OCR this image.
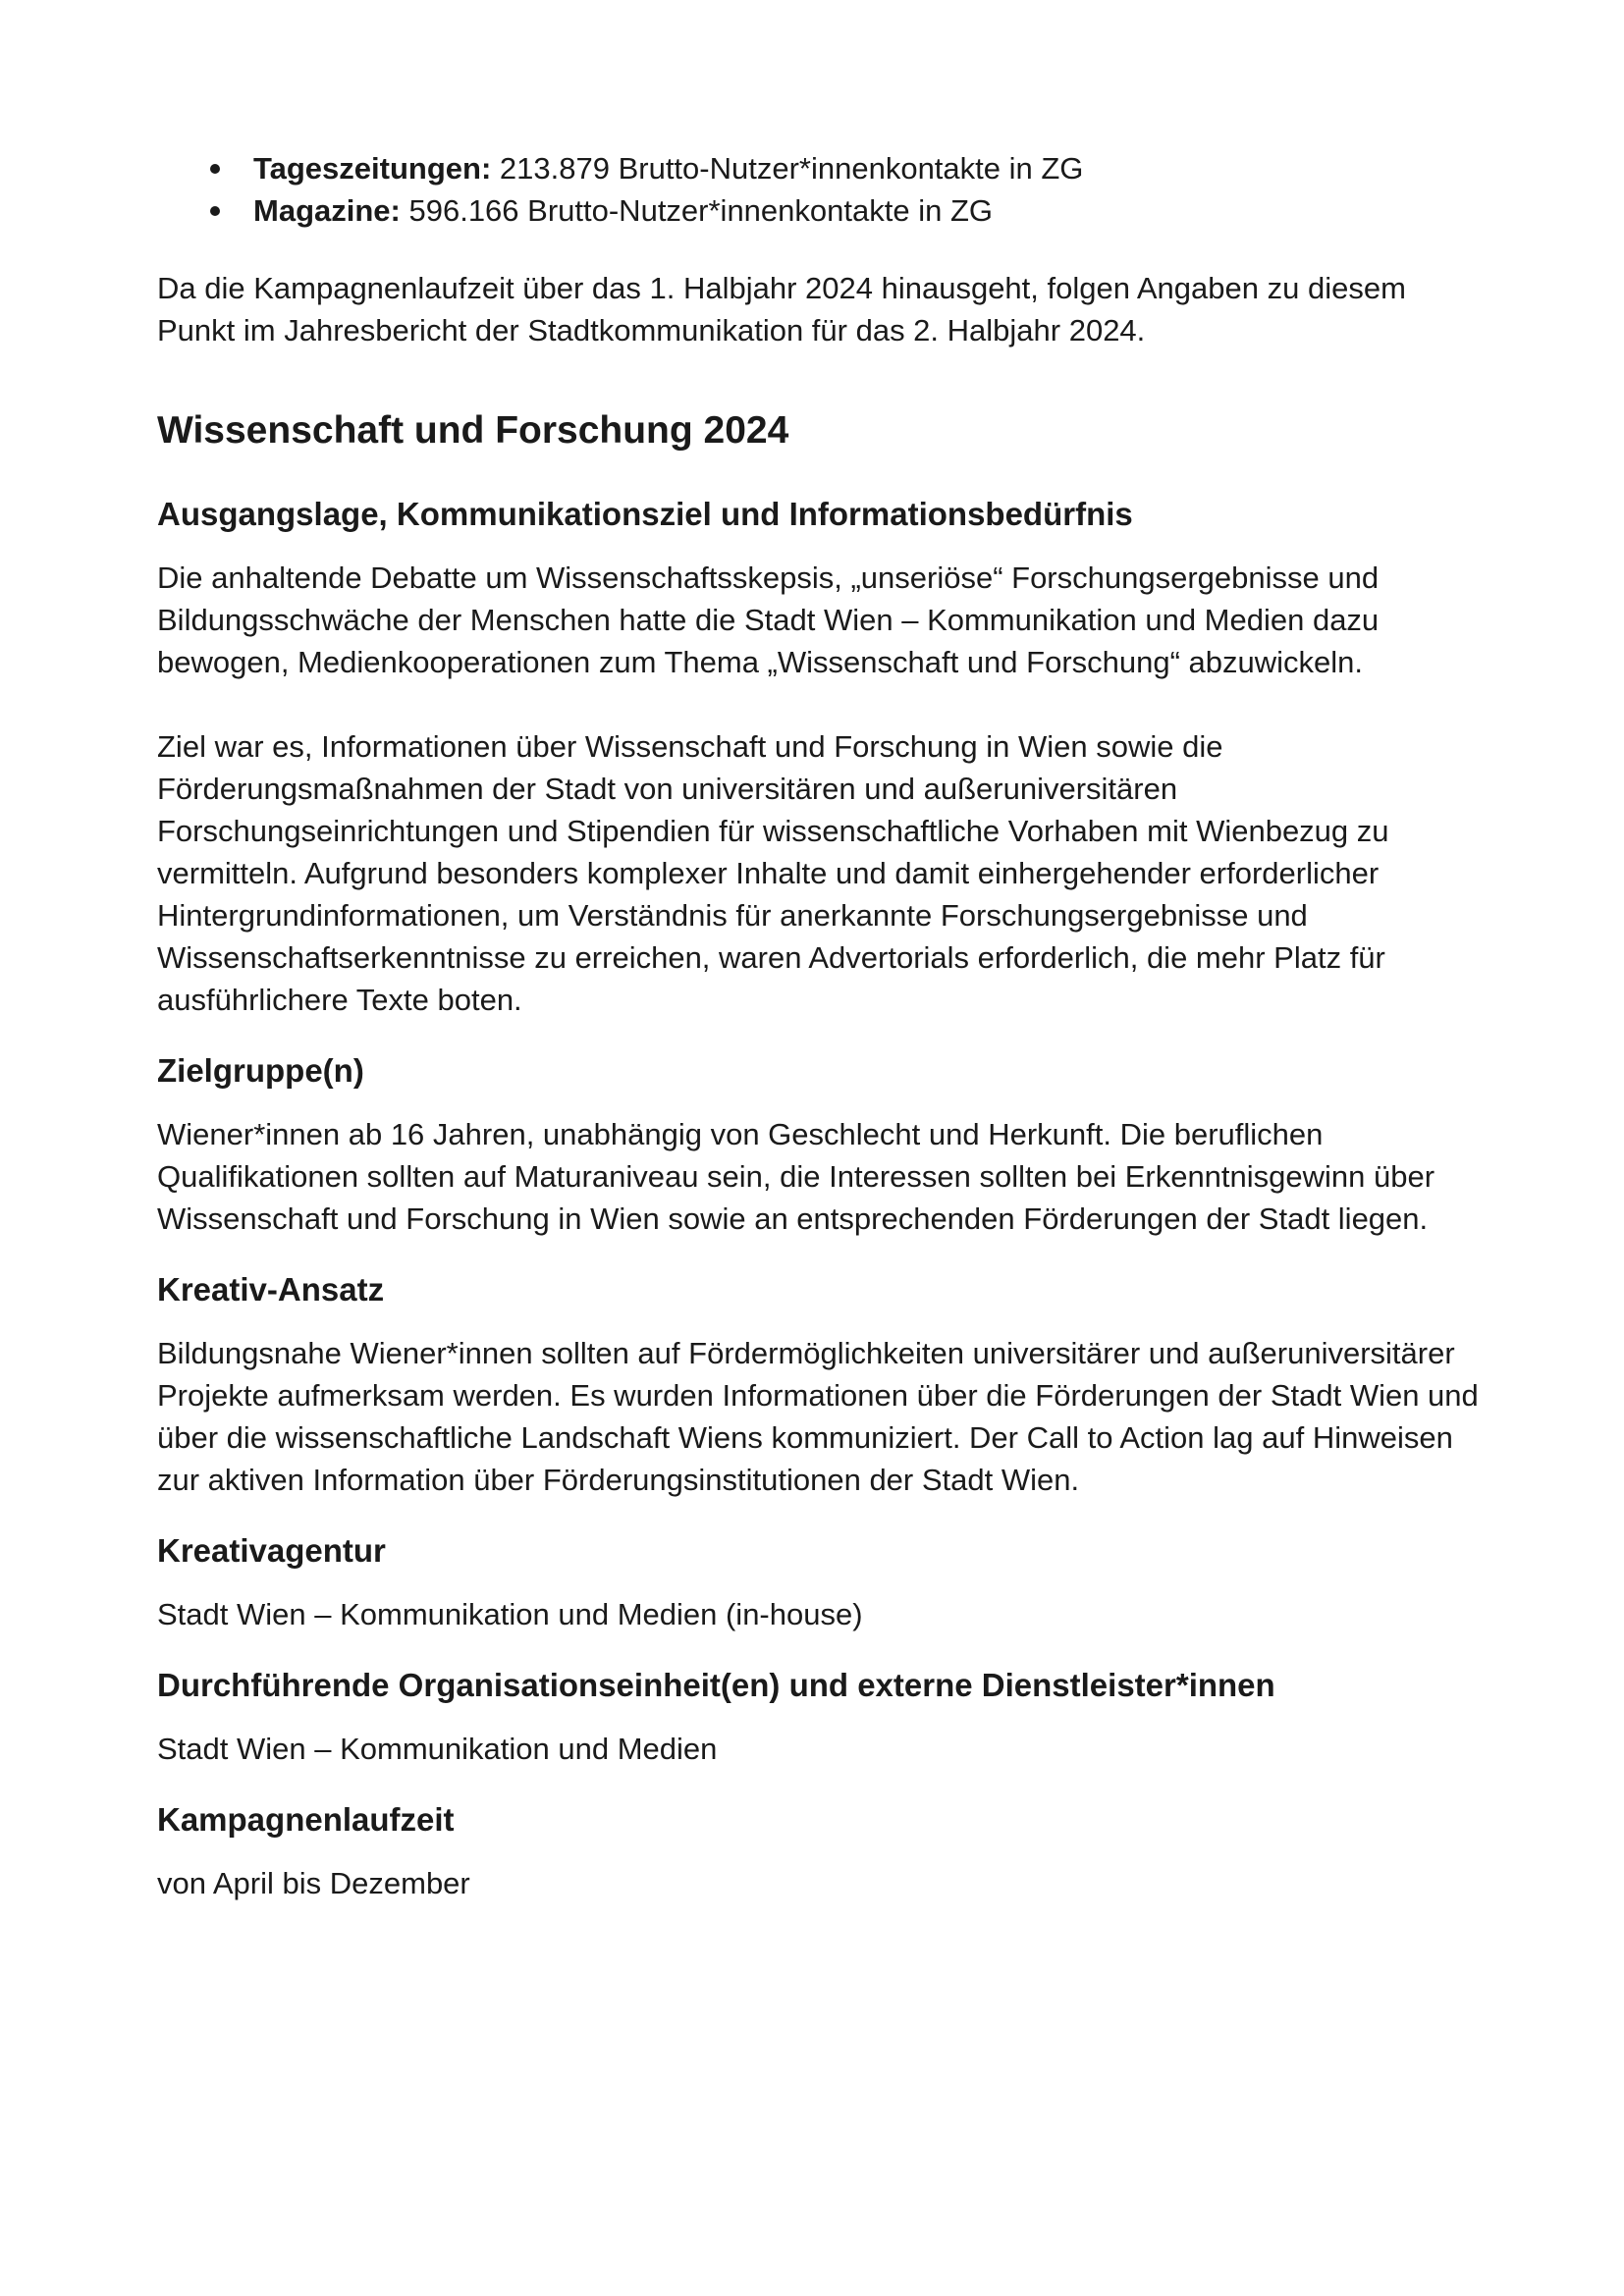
Tageszeitungen: 213.879 Brutto-Nutzer*innenkontakte in ZG
Magazine: 596.166 Brutto-Nutzer*innenkontakte in ZG

Da die Kampagnenlaufzeit über das 1. Halbjahr 2024 hinausgeht, folgen Angaben zu diesem Punkt im Jahresbericht der Stadtkommunikation für das 2. Halbjahr 2024.

Wissenschaft und Forschung 2024
Ausgangslage, Kommunikationsziel und Informationsbedürfnis

Die anhaltende Debatte um Wissenschaftsskepsis, „unseriöse“ Forschungsergebnisse und Bildungsschwäche der Menschen hatte die Stadt Wien – Kommunikation und Medien dazu bewogen, Medienkooperationen zum Thema „Wissenschaft und Forschung“ abzuwickeln.

Ziel war es, Informationen über Wissenschaft und Forschung in Wien sowie die Förderungsmaßnahmen der Stadt von universitären und außeruniversitären Forschungseinrichtungen und Stipendien für wissenschaftliche Vorhaben mit Wienbezug zu vermitteln. Aufgrund besonders komplexer Inhalte und damit einhergehender erforderlicher Hintergrundinformationen, um Verständnis für anerkannte Forschungsergebnisse und Wissenschaftserkenntnisse zu erreichen, waren Advertorials erforderlich, die mehr Platz für ausführlichere Texte boten.

Zielgruppe(n)

Wiener*innen ab 16 Jahren, unabhängig von Geschlecht und Herkunft. Die beruflichen Qualifikationen sollten auf Maturaniveau sein, die Interessen sollten bei Erkenntnisgewinn über Wissenschaft und Forschung in Wien sowie an entsprechenden Förderungen der Stadt liegen.

Kreativ-Ansatz

Bildungsnahe Wiener*innen sollten auf Fördermöglichkeiten universitärer und außeruniversitärer Projekte aufmerksam werden. Es wurden Informationen über die Förderungen der Stadt Wien und über die wissenschaftliche Landschaft Wiens kommuniziert. Der Call to Action lag auf Hinweisen zur aktiven Information über Förderungsinstitutionen der Stadt Wien.

Kreativagentur

Stadt Wien – Kommunikation und Medien (in-house)

Durchführende Organisationseinheit(en) und externe Dienstleister*innen

Stadt Wien – Kommunikation und Medien

Kampagnenlaufzeit

von April bis Dezember
